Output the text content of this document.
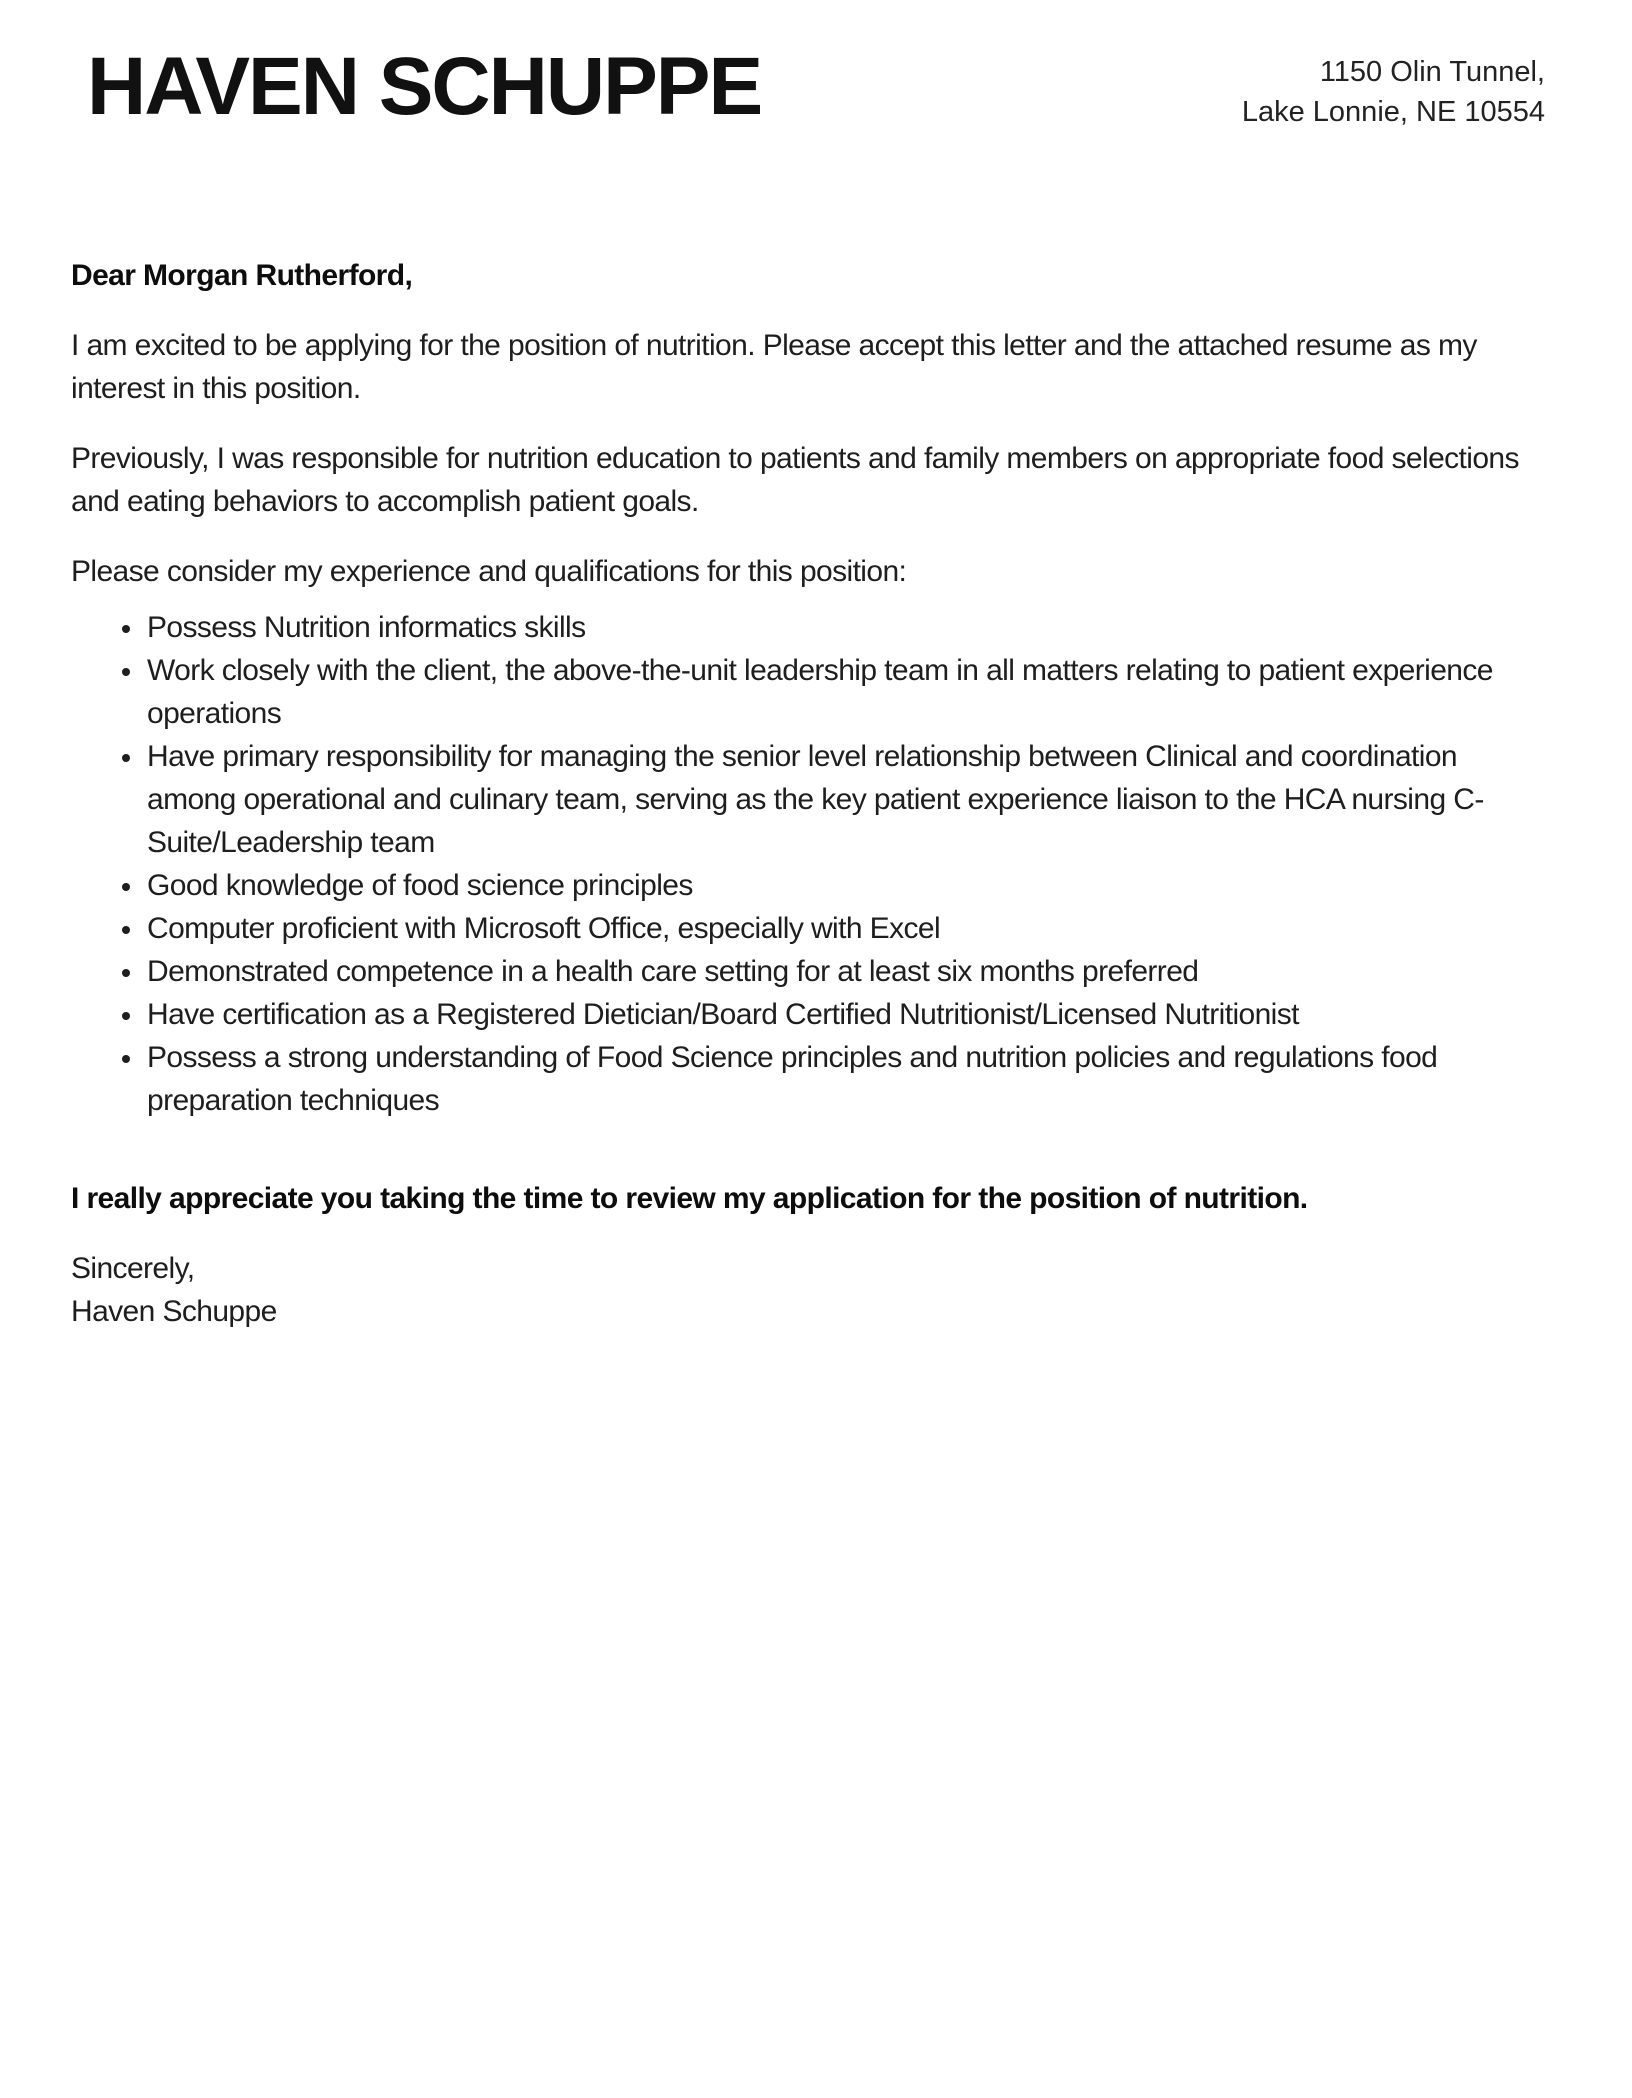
HAVEN SCHUPPE	1150 Olin Tunnel,
Lake Lonnie, NE 10554

Dear Morgan Rutherford,

I am excited to be applying for the position of nutrition. Please accept this letter and the attached resume as my interest in this position.

Previously, I was responsible for nutrition education to patients and family members on appropriate food selections and eating behaviors to accomplish patient goals.

Please consider my experience and qualifications for this position:

• Possess Nutrition informatics skills
• Work closely with the client, the above-the-unit leadership team in all matters relating to patient experience operations
• Have primary responsibility for managing the senior level relationship between Clinical and coordination among operational and culinary team, serving as the key patient experience liaison to the HCA nursing C-Suite/Leadership team
• Good knowledge of food science principles
• Computer proficient with Microsoft Office, especially with Excel
• Demonstrated competence in a health care setting for at least six months preferred
• Have certification as a Registered Dietician/Board Certified Nutritionist/Licensed Nutritionist
• Possess a strong understanding of Food Science principles and nutrition policies and regulations food preparation techniques

I really appreciate you taking the time to review my application for the position of nutrition.

Sincerely,
Haven Schuppe
